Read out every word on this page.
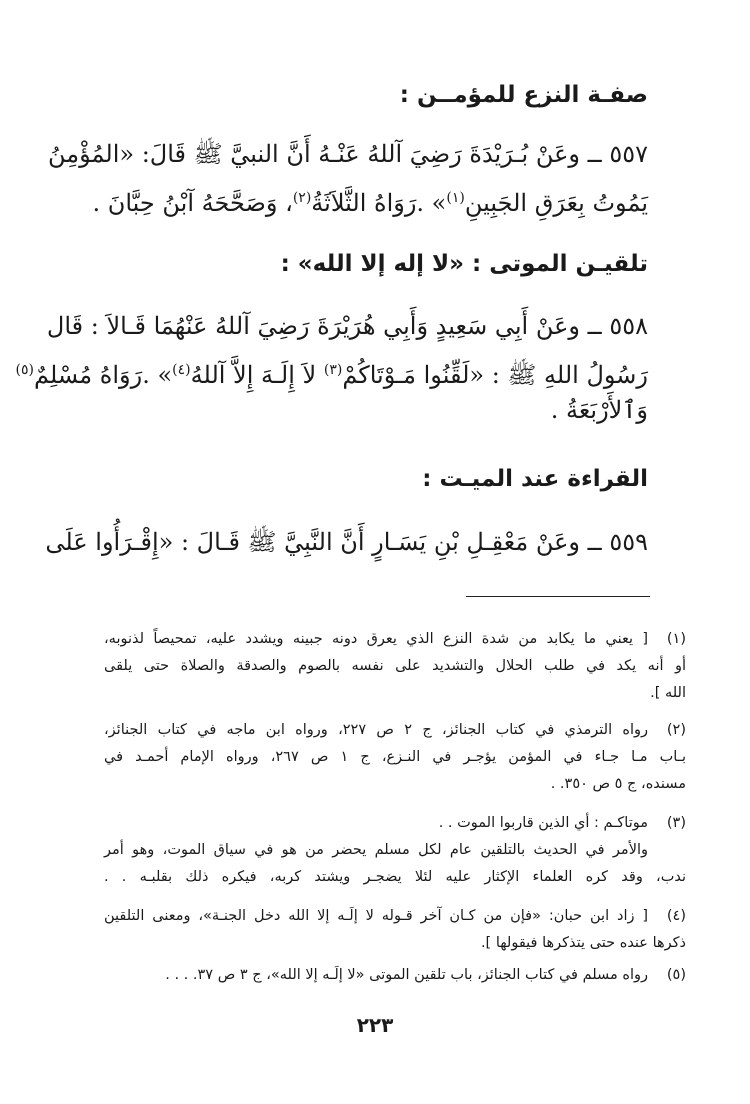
صفـة النزع للمؤمــن :
٥٥٧ ــ وعَنْ بُـرَيْدَةَ رَضِيَ آللهُ عَنْـهُ أَنَّ النبيَّ ﷺ قَالَ: «المُؤْمِنُ
يَمُوتُ بِعَرَقِ الجَبِينِ$^{(١)}$» .رَوَاهُ الثَّلاَثَةُ$^{(٢)}$، وَصَحَّحَهُ آبْنُ حِبَّانَ .
تلقيـن الموتى : «لا إله إلا الله» :
٥٥٨ ــ وعَنْ أَبِي سَعِيدٍ وَأَبِي هُرَيْرَةَ رَضِيَ آللهُ عَنْهُمَا قَـالاَ : قَال
رَسُولُ اللهِ ﷺ : «لَقِّنُوا مَـوْتَاكُمْ$^{(٣)}$ لاَ إِلَـهَ إِلاَّ آللهُ$^{(٤)}$» .رَوَاهُ مُسْلِمٌ$^{(٥)}$
وَٱلأَرْبَعَةُ .
القراءة عند الميـت :
٥٥٩ ــ وعَنْ مَعْقِـلِ بْنِ يَسَـارٍ أَنَّ النَّبِيَّ ﷺ قَـالَ : «إِقْـرَأُوا عَلَى
(١)
[ يعني ما يكابد من شدة النزع الذي يعرق دونه جبينه ويشدد عليه، تمحيصاً لذنوبه،
أو أنه يكد في طلب الحلال والتشديد على نفسه بالصوم والصدقة والصلاة حتى يلقى
الله ].
(٢)
رواه الترمذي في كتاب الجنائز، ج ٢ ص ٢٢٧، ورواه ابن ماجه في كتاب الجنائز،
بـاب مـا جـاء في المؤمن يؤجـر في النـزع، ج ١ ص ٢٦٧، ورواه الإمام أحمـد في
مسنده، ج ٥ ص ٣٥٠. .
(٣)
موتاكـم : أي الذين قاربوا الموت . .
والأمر في الحديث بالتلقين عام لكل مسلم يحضر من هو في سياق الموت، وهو أمر
ندب، وقد كره العلماء الإكثار عليه لئلا يضجـر ويشتد كربه، فيكره ذلك بقلبـه . .
(٤)
[ زاد ابن حبان: «فإن من كـان آخر قـوله لا إلَـه إلا الله دخل الجنـة»، ومعنى التلقين
ذكرها عنده حتى يتذكرها فيقولها ].
(٥)
رواه مسلم في كتاب الجنائز، باب تلقين الموتى «لا إلَـه إلا الله»، ج ٣ ص ٣٧. . . .
٢٢٣
